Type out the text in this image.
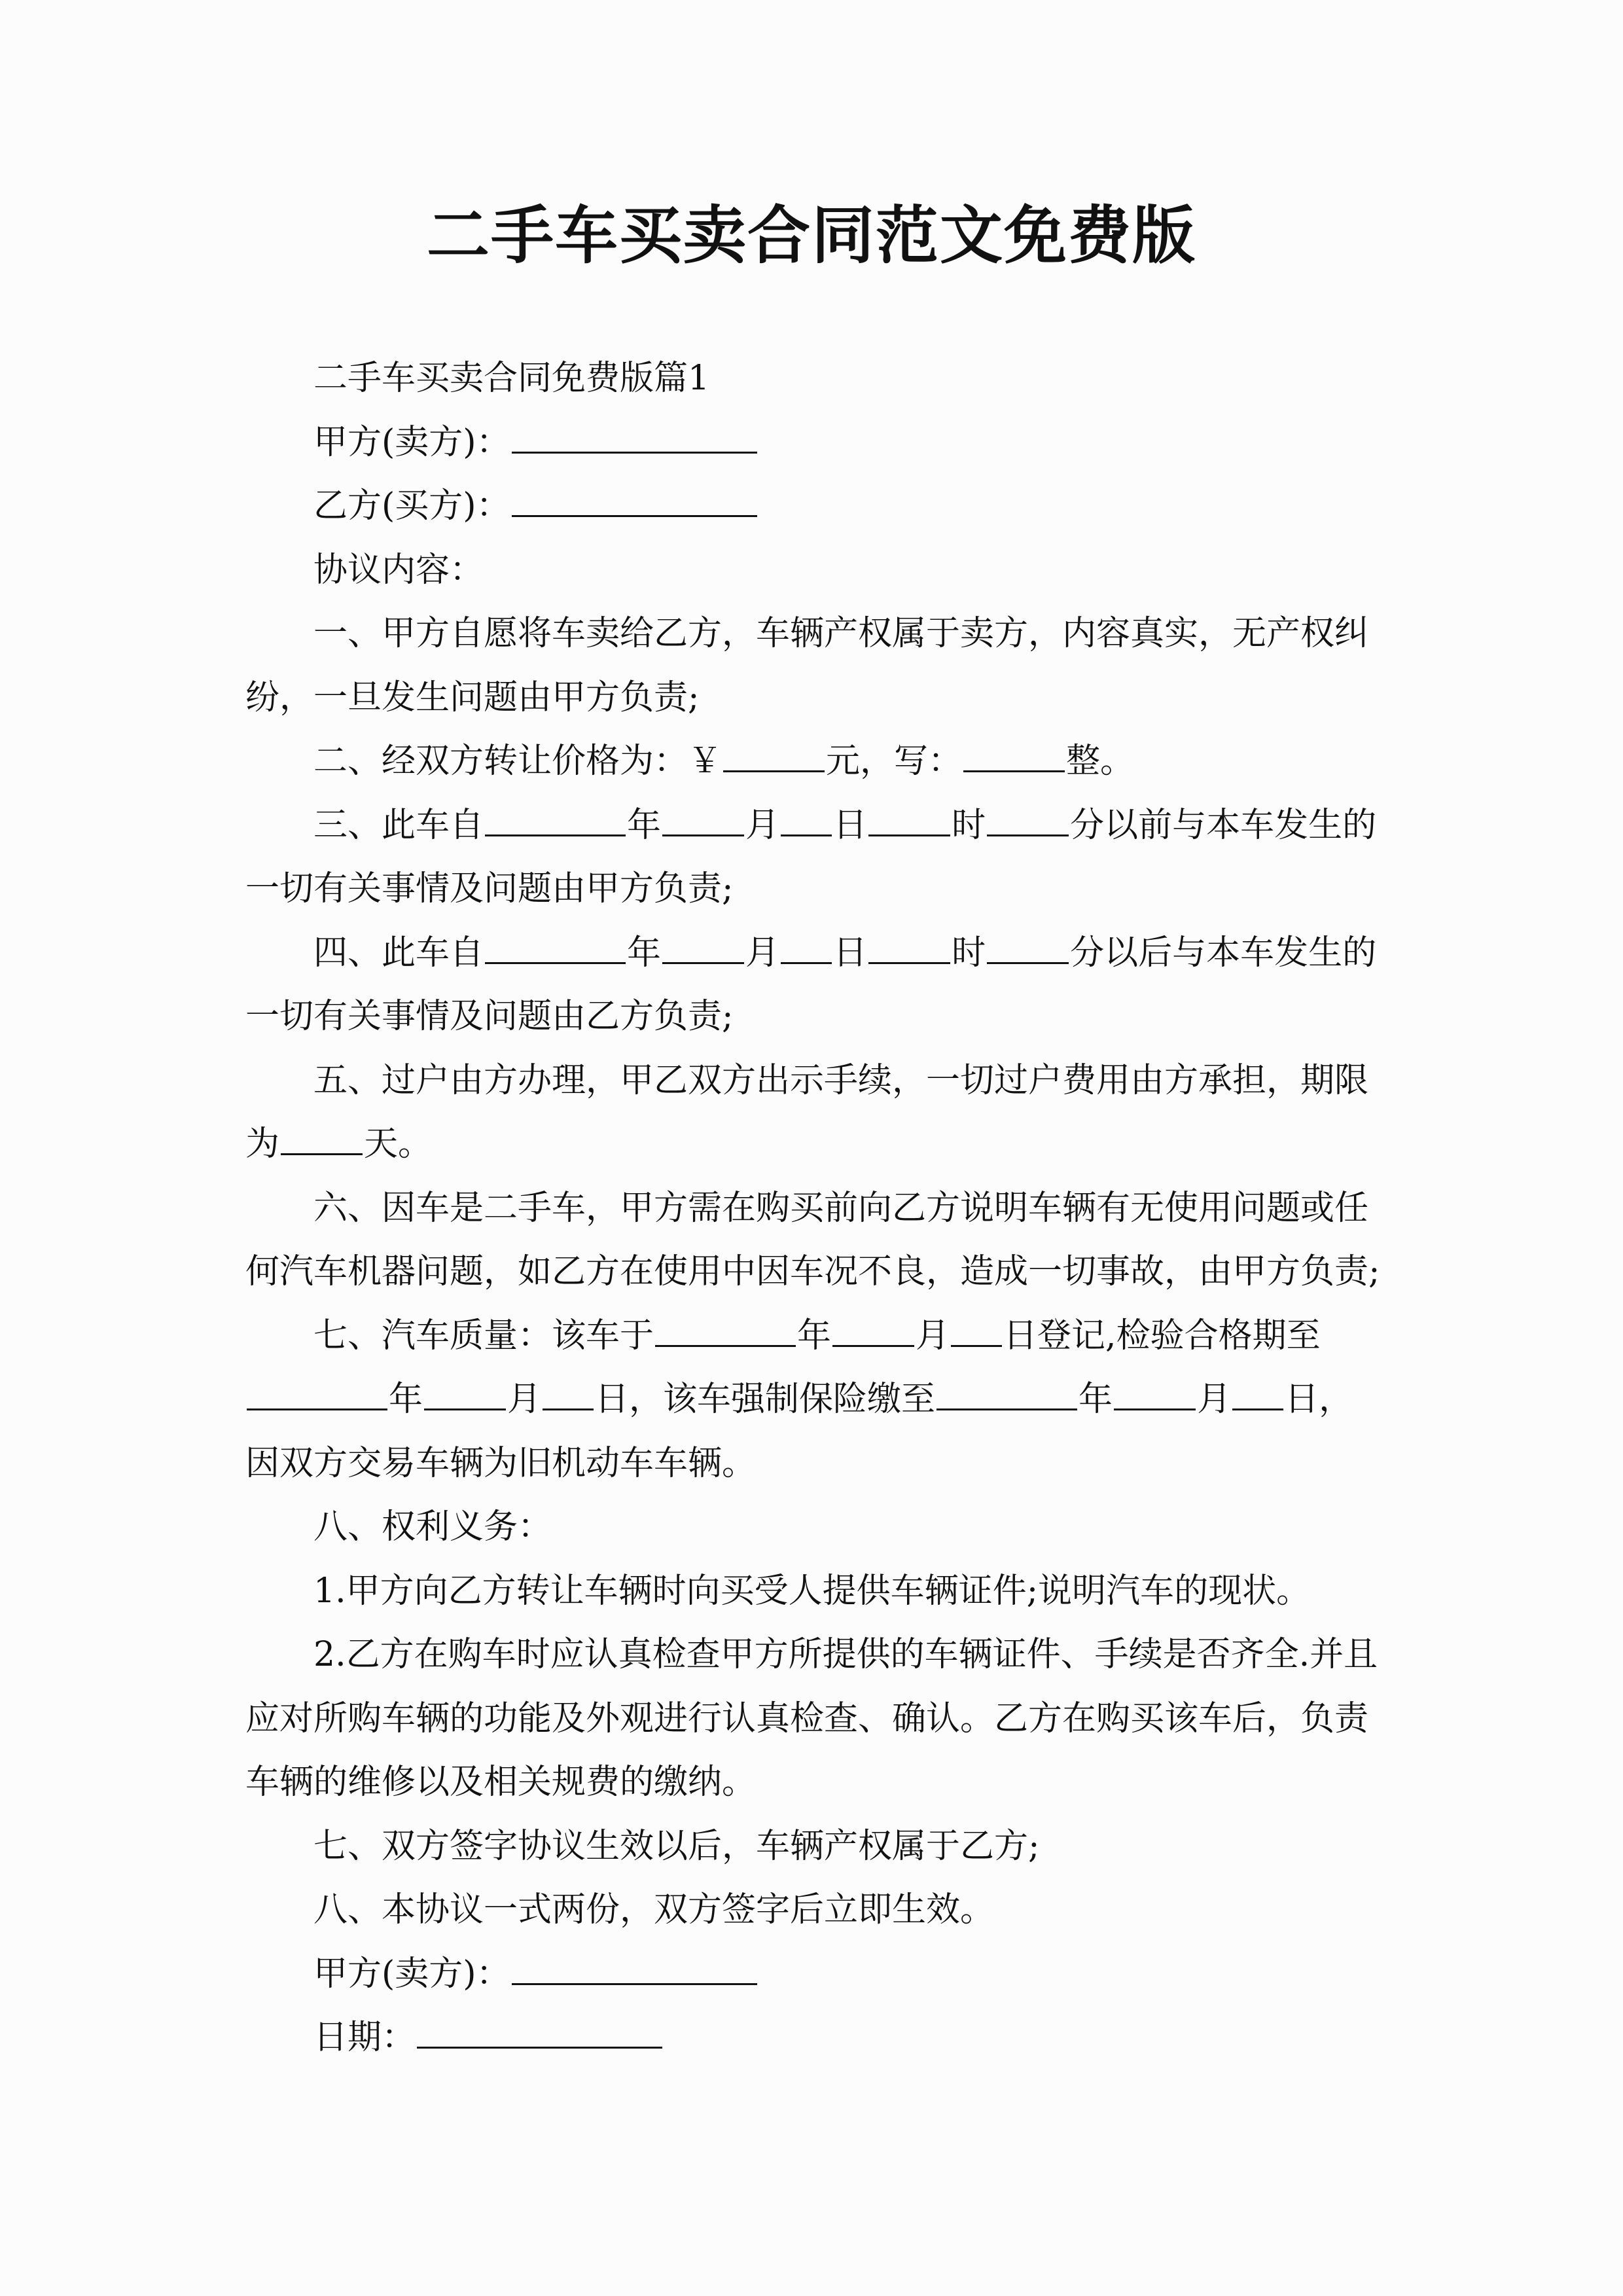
二手车买卖合同范文免费版

二手车买卖合同免费版篇1

甲方(卖方)：

乙方(买方)：

协议内容：

一、甲方自愿将车卖给乙方，车辆产权属于卖方，内容真实，无产权纠纷，一旦发生问题由甲方负责;

二、经双方转让价格为：￥	元，写：	整。

三、此车自	年 月 日 时 分以前与本车发生的一切有关事情及问题由甲方负责;

四、此车自	年 月 日 时 分以后与本车发生的一切有关事情及问题由乙方负责;

五、过户由方办理，甲乙双方出示手续，一切过户费用由方承担，期限为 天。

六、因车是二手车，甲方需在购买前向乙方说明车辆有无使用问题或任何汽车机器问题，如乙方在使用中因车况不良，造成一切事故，由甲方负责;

七、汽车质量：该车于	年 月 日登记,检验合格期至年 月 日，该车强制保险缴至	年 月 日，因双方交易车辆为旧机动车车辆。

八、权利义务：

1.甲方向乙方转让车辆时向买受人提供车辆证件;说明汽车的现状。

2.乙方在购车时应认真检查甲方所提供的车辆证件、手续是否齐全.并且应对所购车辆的功能及外观进行认真检查、确认。乙方在购买该车后，负责车辆的维修以及相关规费的缴纳。

七、双方签字协议生效以后，车辆产权属于乙方;

八、本协议一式两份，双方签字后立即生效。

甲方(卖方)：

日期：
